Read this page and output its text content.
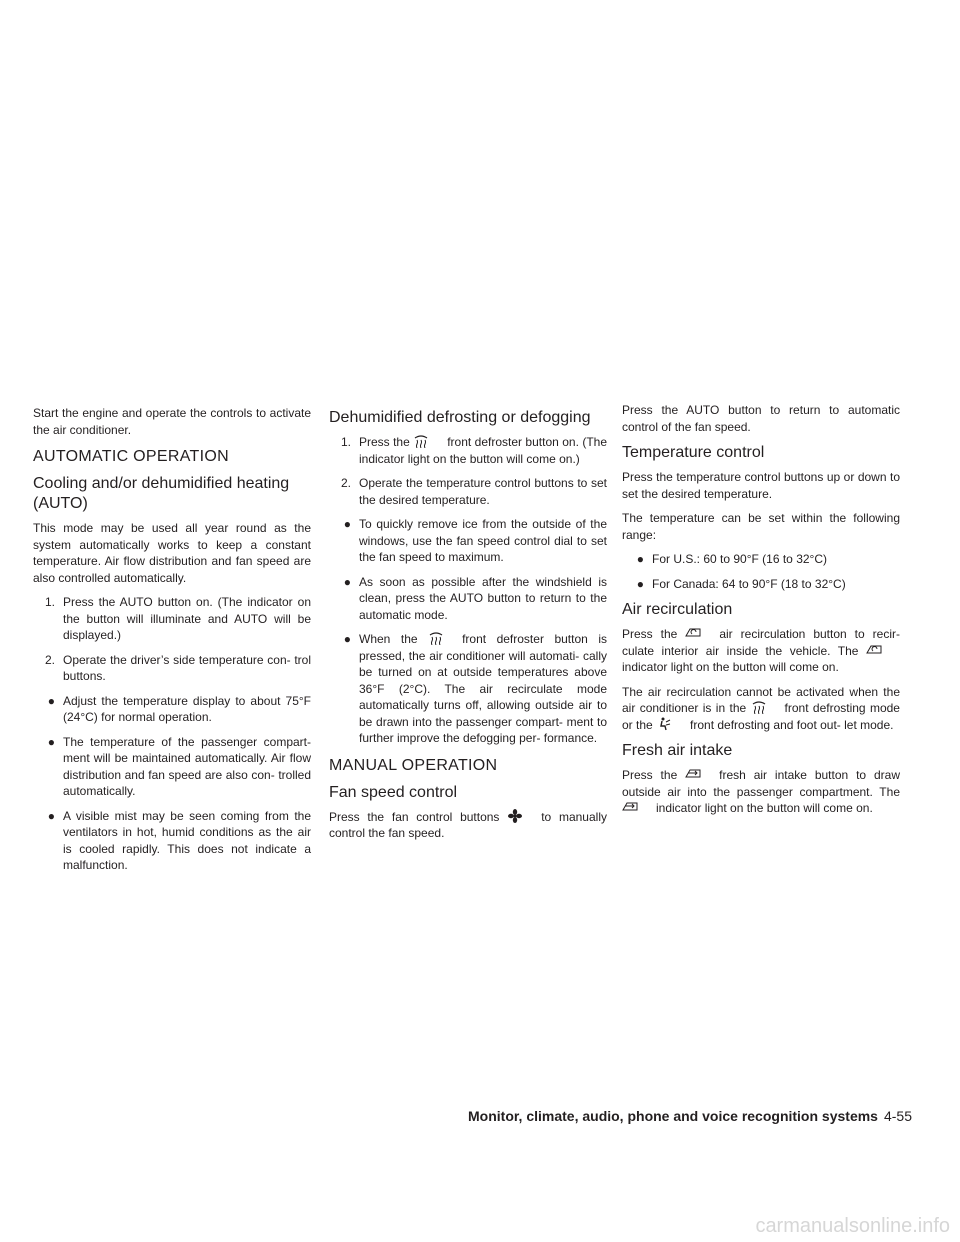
Start the engine and operate the controls to activate the air conditioner.

AUTOMATIC OPERATION
Cooling and/or dehumidified heating (AUTO)

This mode may be used all year round as the system automatically works to keep a constant temperature. Air flow distribution and fan speed are also controlled automatically.

1. Press the AUTO button on. (The indicator on the button will illuminate and AUTO will be displayed.)
2. Operate the driver’s side temperature con- trol buttons.
● Adjust the temperature display to about 75°F (24°C) for normal operation.
● The temperature of the passenger compart- ment will be maintained automatically. Air flow distribution and fan speed are also con- trolled automatically.
● A visible mist may be seen coming from the ventilators in hot, humid conditions as the air is cooled rapidly. This does not indicate a malfunction.
Dehumidified defrosting or defogging
1. Press the	front defroster button on. (The indicator light on the button will come on.)
2. Operate the temperature control buttons to set the desired temperature.
● To quickly remove ice from the outside of the windows, use the fan speed control dial to set the fan speed to maximum.
● As soon as possible after the windshield is clean, press the AUTO button to return to the automatic mode.
● When the	front defroster button is pressed, the air conditioner will automati- cally be turned on at outside temperatures above 36°F (2°C). The air recirculate mode automatically turns off, allowing outside air to be drawn into the passenger compart- ment to further improve the defogging per- formance.
MANUAL OPERATION
Fan speed control

Press the fan control buttons	to manually control the fan speed.

Press the AUTO button to return to automatic control of the fan speed.

Temperature control

Press the temperature control buttons up or down to set the desired temperature.

The temperature can be set within the following range:

● For U.S.: 60 to 90°F (16 to 32°C)
● For Canada: 64 to 90°F (18 to 32°C)
Air recirculation

Press the	air recirculation button to recir- culate interior air inside the vehicle. The
indicator light on the button will come on.

The air recirculation cannot be activated when the air conditioner is in the	front defrosting mode or the	front defrosting and foot out- let mode.

Fresh air intake

Press the	fresh air intake button to draw outside air into the passenger compartment. The
indicator light on the button will come on.

Monitor, climate, audio, phone and voice recognition systems 4-55
carmanualsonline.info
